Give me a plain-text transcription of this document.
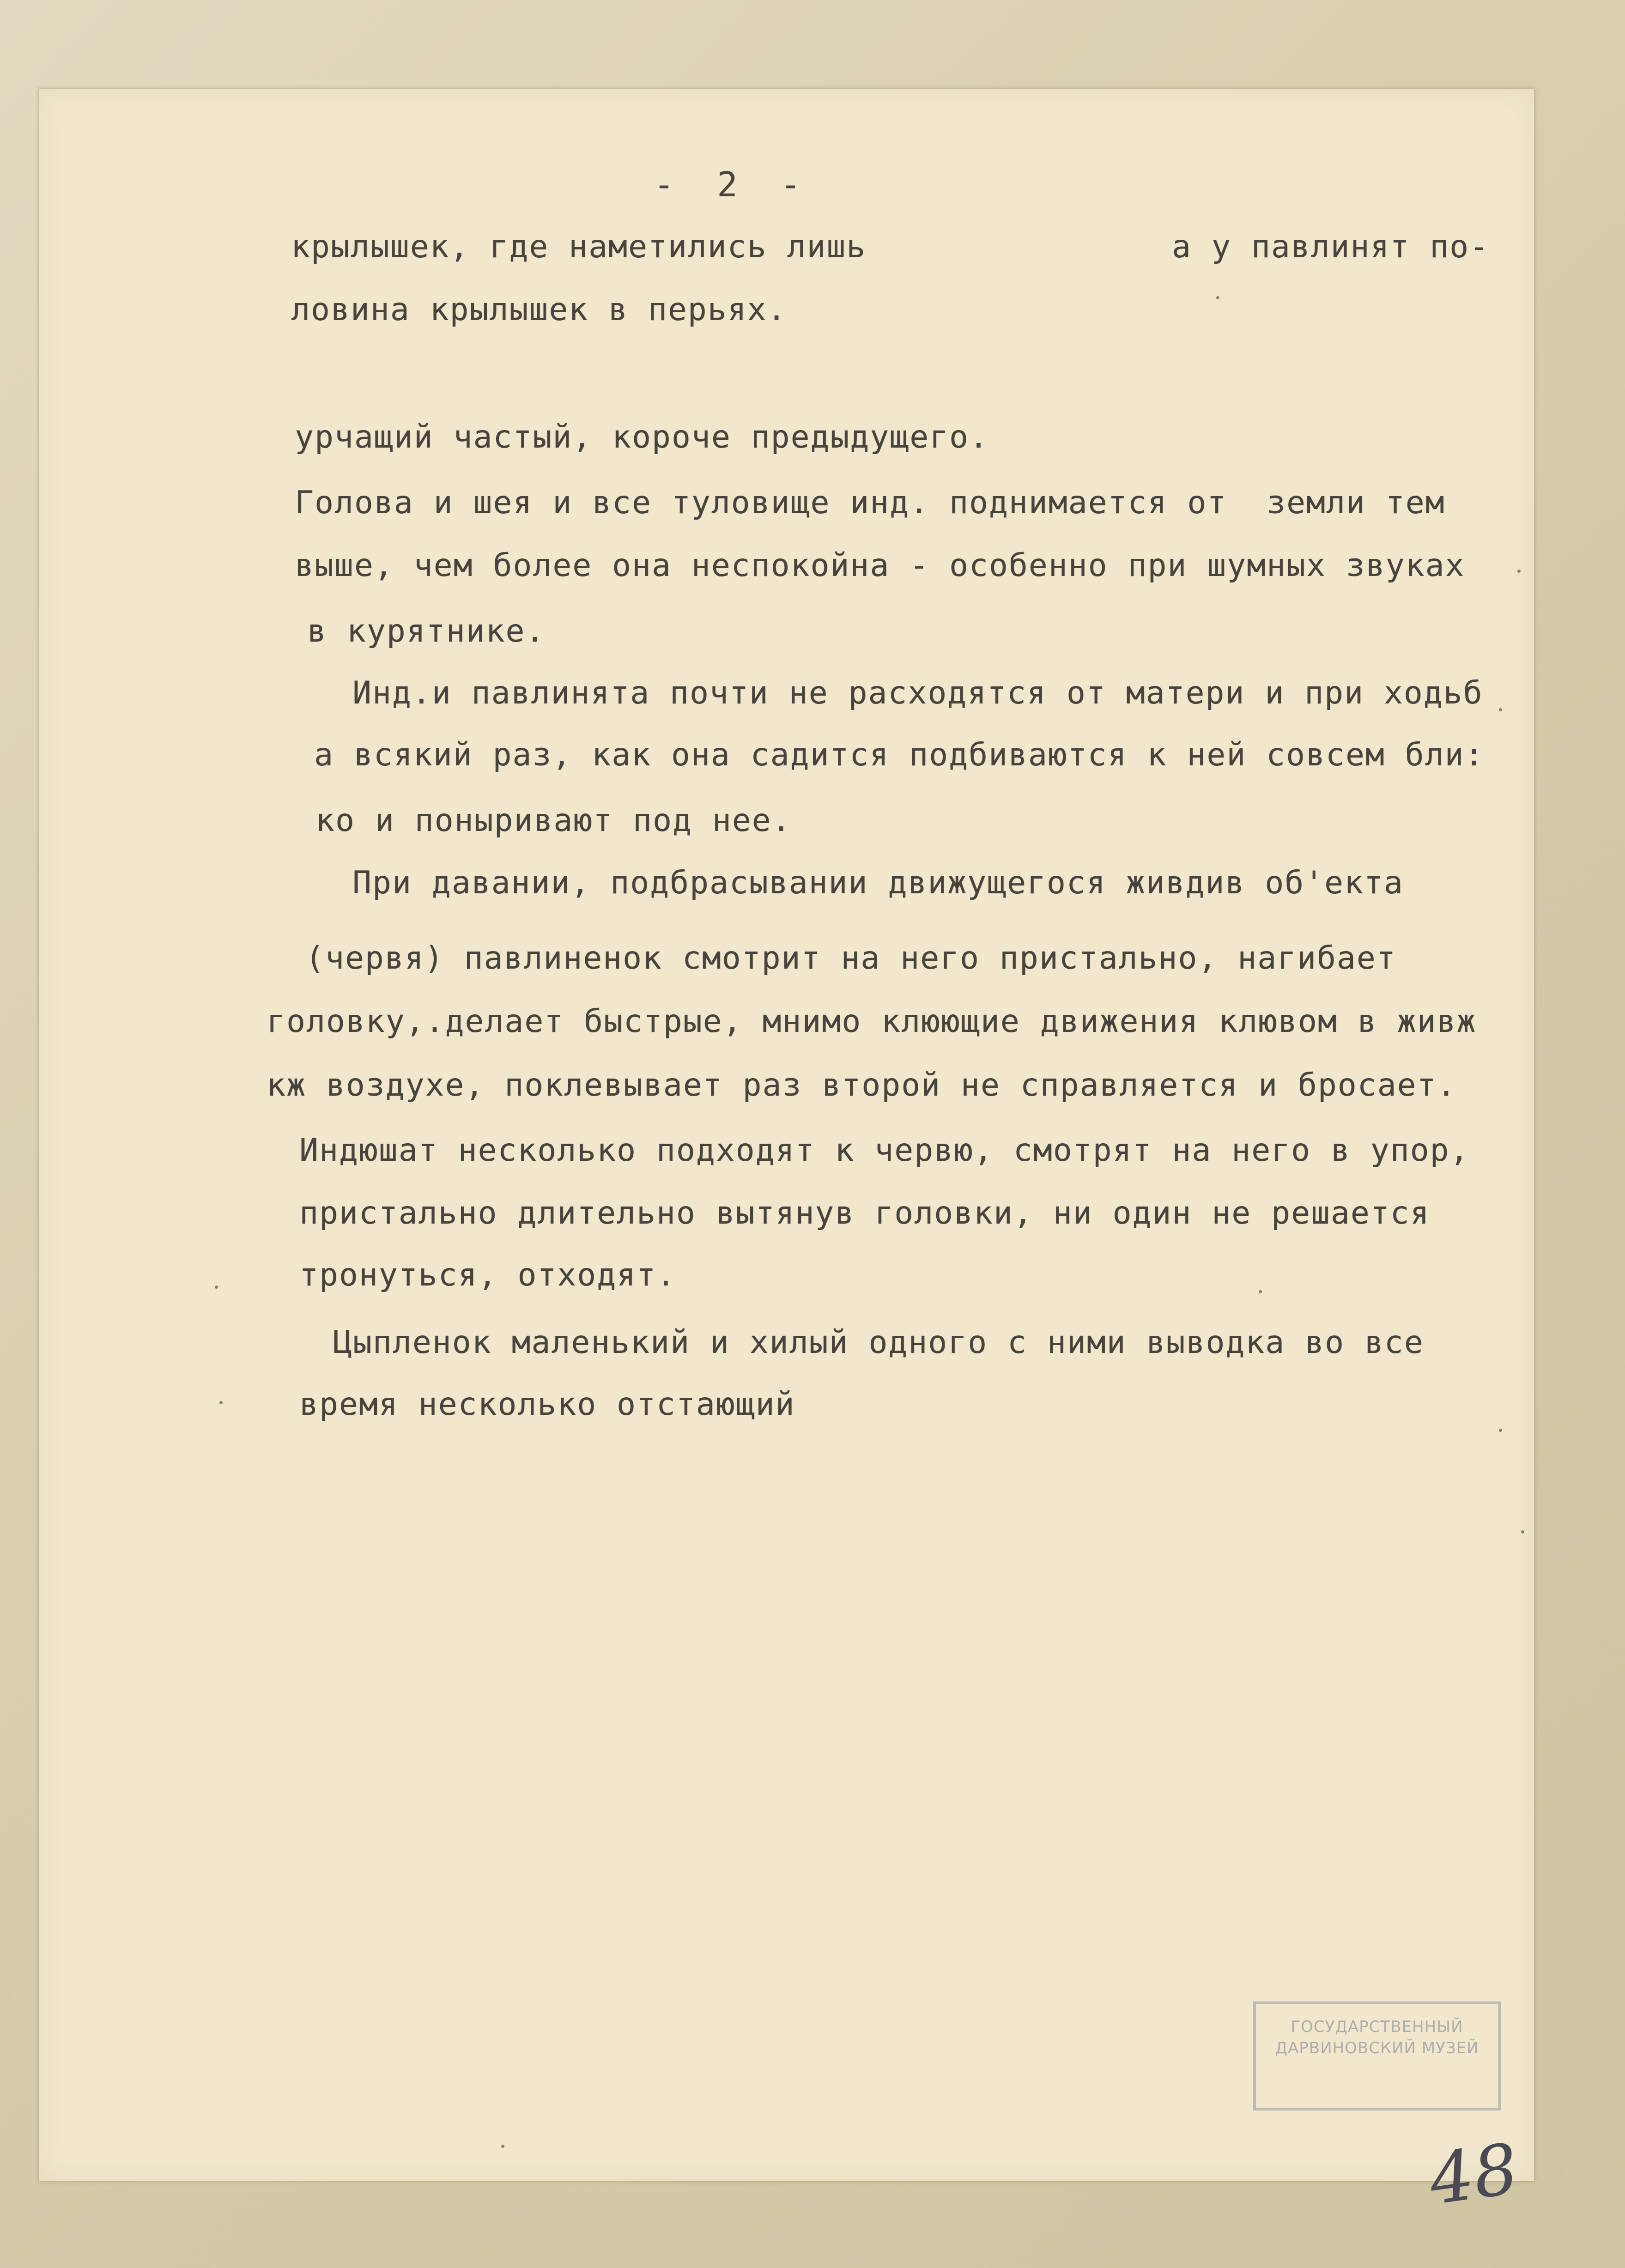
- 2 -
крылышек, где наметились лишь	а у павлинят по-
ловина крылышек в перьях.
урчащий частый, короче предыдущего.
Голова и шея и все туловище инд. поднимается от  земли тем
выше, чем более она неспокойна - особенно при шумных звуках
в курятнике.
Инд.и павлинята почти не расходятся от матери и при ходьб
а всякий раз, как она садится подбиваются к ней совсем бли:
ко и поныривают под нее.
При давании, подбрасывании движущегося живдив об'екта
(червя) павлиненок смотрит на него пристально, нагибает
головку,.делает быстрые, мнимо клюющие движения клювом в живж
кж воздухе, поклевывает раз второй не справляется и бросает.
Индюшат несколько подходят к червю, смотрят на него в упор,
пристально длительно вытянув головки, ни один не решается
тронуться, отходят.
Цыпленок маленький и хилый одного с ними выводка во все
время несколько отстающий
ГОСУДАРСТВЕННЫЙ
ДАРВИНОВСКИЙ МУЗЕЙ
48
